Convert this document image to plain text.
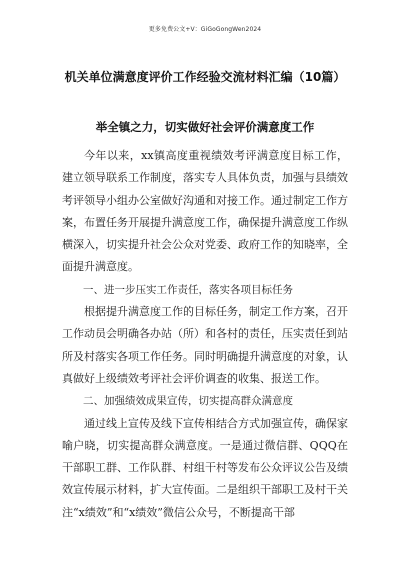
更多免费公文+V：GiGoGongWen2024
机关单位满意度评价工作经验交流材料汇编（10篇）
举全镇之力，切实做好社会评价满意度工作

今年以来，xx镇高度重视绩效考评满意度目标工作，建立领导联系工作制度，落实专人具体负责，加强与县绩效考评领导小组办公室做好沟通和对接工作。通过制定工作方案，布置任务开展提升满意度工作，确保提升满意度工作纵横深入，切实提升社会公众对党委、政府工作的知晓率，全面提升满意度。

一、进一步压实工作责任，落实各项目标任务

根据提升满意度工作的目标任务，制定工作方案，召开工作动员会明确各办站（所）和各村的责任，压实责任到站所及村落实各项工作任务。同时明确提升满意度的对象，认真做好上级绩效考评社会评价调查的收集、报送工作。

二、加强绩效成果宣传，切实提高群众满意度

通过线上宣传及线下宣传相结合方式加强宣传，确保家喻户晓，切实提高群众满意度。一是通过微信群、QQQ在干部职工群、工作队群、村组干村等发布公众评议公告及绩效宣传展示材料，扩大宣传面。二是组织干部职工及村干关注“x绩效”和“x绩效”微信公众号，不断提高干部
